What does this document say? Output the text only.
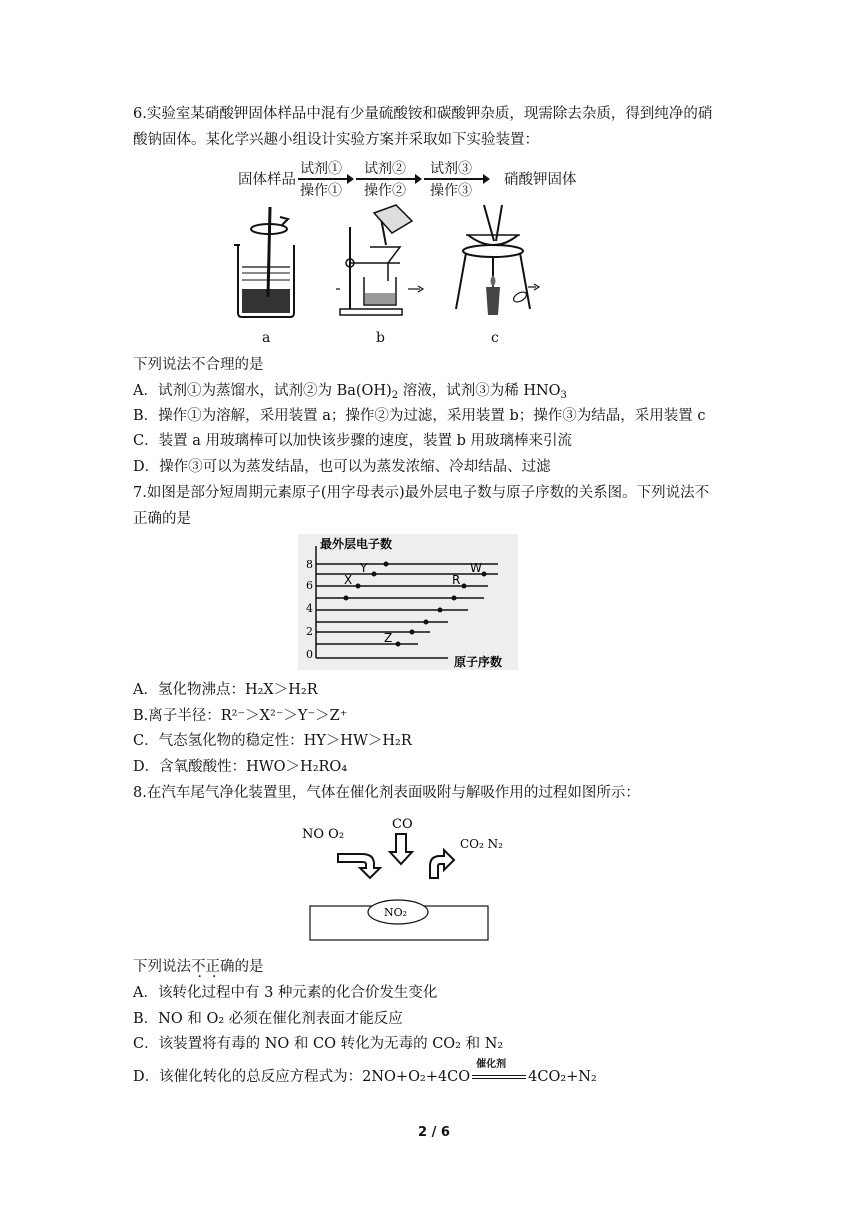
6.实验室某硝酸钾固体样品中混有少量硫酸铵和碳酸钾杂质，现需除去杂质，得到纯净的硝
酸钠固体。某化学兴趣小组设计实验方案并采取如下实验装置：
固体样品
试剂①
操作①
试剂②
操作②
试剂③
操作③
硝酸钾固体
a	b	c
下列说法不合理的是
A．试剂①为蒸馏水，试剂②为 $Ba(OH)_2$ 溶液，试剂③为稀 $HNO_3$
B．操作①为溶解，采用装置 a；操作②为过滤，采用装置 b；操作③为结晶，采用装置 c
C．装置 a 用玻璃棒可以加快该步骤的速度，装置 b 用玻璃棒来引流
D．操作③可以为蒸发结晶，也可以为蒸发浓缩、冷却结晶、过滤
7.如图是部分短周期元素原子(用字母表示)最外层电子数与原子序数的关系图。下列说法不
正确的是
最外层电子数
原子序数
8
6
4
2
0
Y	W
X	R
Z
A．氢化物沸点：H₂X＞H₂R
B.离子半径：R²⁻＞X²⁻＞Y⁻＞Z⁺
C．气态氢化物的稳定性：HY＞HW＞H₂R
D．含氧酸酸性：HWO＞H₂RO₄
8.在汽车尾气净化装置里，气体在催化剂表面吸附与解吸作用的过程如图所示：
NO O₂
CO
CO₂ N₂
NO₂
下列说法不正确的是
A．该转化过程中有 3 种元素的化合价发生变化
B．NO 和 O₂ 必须在催化剂表面才能反应
C．该装置将有毒的 NO 和 CO 转化为无毒的 CO₂ 和 N₂
D．该催化转化的总反应方程式为：2NO+O₂+4CO
催化剂
4CO₂+N₂
2 / 6
